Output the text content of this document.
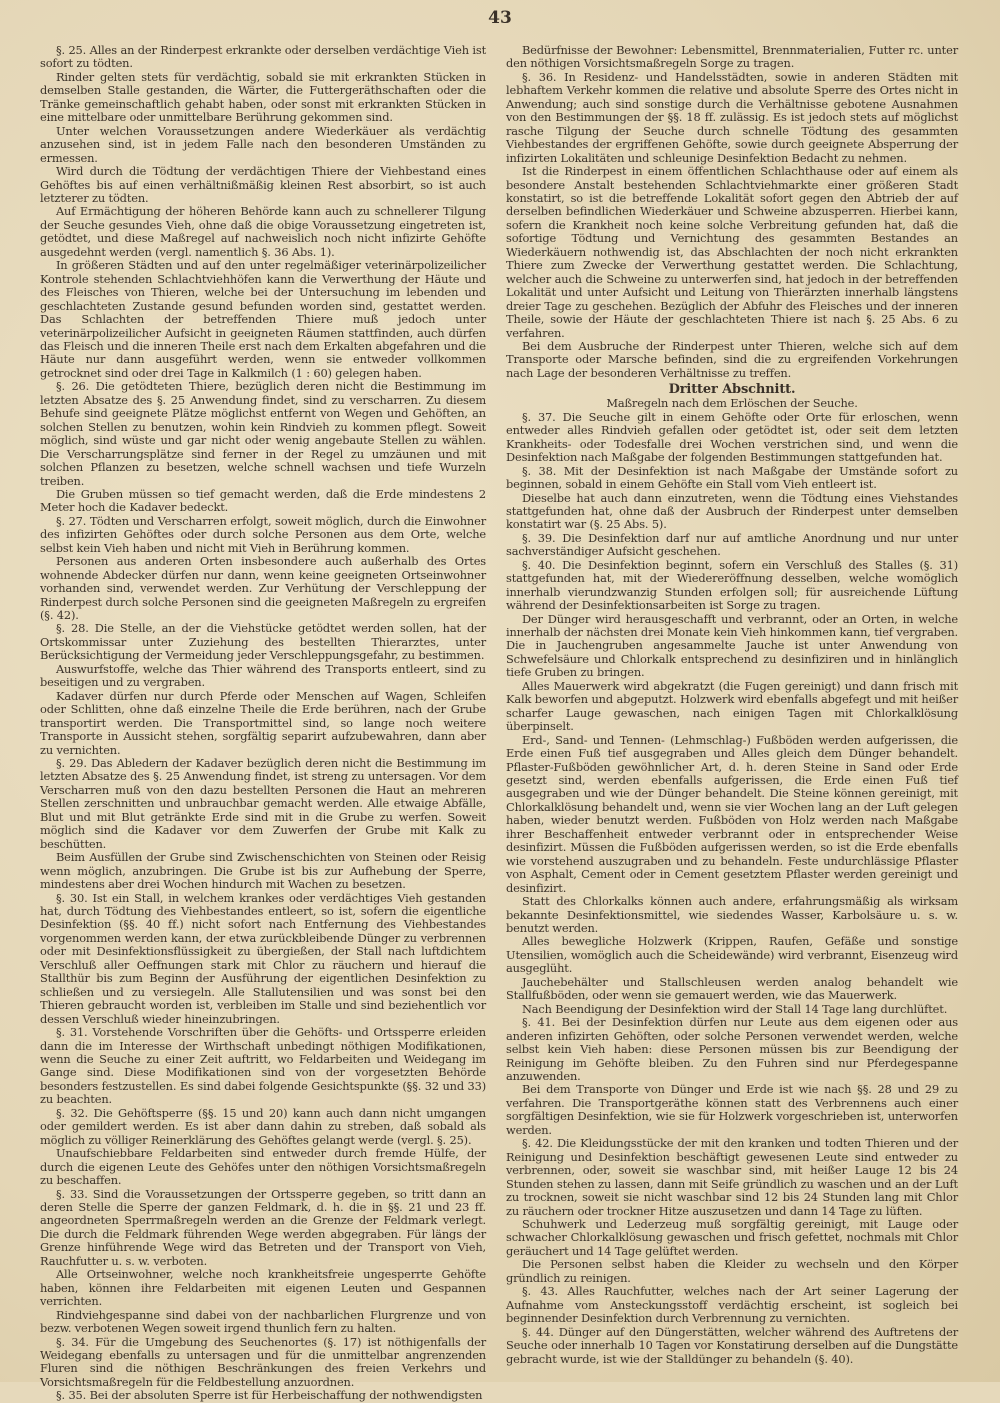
43

§. 25. Alles an der Rinderpest erkrankte oder derselben verdächtige Vieh ist sofort zu tödten.

Rinder gelten stets für verdächtig, sobald sie mit erkrankten Stücken in demselben Stalle gestanden, die Wärter, die Futtergeräthschaften oder die Tränke gemeinschaftlich gehabt haben, oder sonst mit erkrankten Stücken in eine mittelbare oder unmittelbare Berührung gekommen sind.

Unter welchen Voraussetzungen andere Wiederkäuer als verdächtig anzusehen sind, ist in jedem Falle nach den besonderen Umständen zu ermessen.

Wird durch die Tödtung der verdächtigen Thiere der Viehbestand eines Gehöftes bis auf einen verhältnißmäßig kleinen Rest absorbirt, so ist auch letzterer zu tödten.

Auf Ermächtigung der höheren Behörde kann auch zu schnellerer Tilgung der Seuche gesundes Vieh, ohne daß die obige Voraussetzung eingetreten ist, getödtet, und diese Maßregel auf nachweislich noch nicht infizirte Gehöfte ausgedehnt werden (vergl. namentlich §. 36 Abs. 1).

In größeren Städten und auf den unter regelmäßiger veterinärpolizeilicher Kontrole stehenden Schlachtviehhöfen kann die Verwerthung der Häute und des Fleisches von Thieren, welche bei der Untersuchung im lebenden und geschlachteten Zustande gesund befunden worden sind, gestattet werden. Das Schlachten der betreffenden Thiere muß jedoch unter veterinärpolizeilicher Aufsicht in geeigneten Räumen stattfinden, auch dürfen das Fleisch und die inneren Theile erst nach dem Erkalten abgefahren und die Häute nur dann ausgeführt werden, wenn sie entweder vollkommen getrocknet sind oder drei Tage in Kalkmilch (1 : 60) gelegen haben.

§. 26. Die getödteten Thiere, bezüglich deren nicht die Bestimmung im letzten Absatze des §. 25 Anwendung findet, sind zu verscharren. Zu diesem Behufe sind geeignete Plätze möglichst entfernt von Wegen und Gehöften, an solchen Stellen zu benutzen, wohin kein Rindvieh zu kommen pflegt. Soweit möglich, sind wüste und gar nicht oder wenig angebaute Stellen zu wählen. Die Verscharrungsplätze sind ferner in der Regel zu umzäunen und mit solchen Pflanzen zu besetzen, welche schnell wachsen und tiefe Wurzeln treiben.

Die Gruben müssen so tief gemacht werden, daß die Erde mindestens 2 Meter hoch die Kadaver bedeckt.

§. 27. Tödten und Verscharren erfolgt, soweit möglich, durch die Einwohner des infizirten Gehöftes oder durch solche Personen aus dem Orte, welche selbst kein Vieh haben und nicht mit Vieh in Berührung kommen.

Personen aus anderen Orten insbesondere auch außerhalb des Ortes wohnende Abdecker dürfen nur dann, wenn keine geeigneten Ortseinwohner vorhanden sind, verwendet werden. Zur Verhütung der Verschleppung der Rinderpest durch solche Personen sind die geeigneten Maßregeln zu ergreifen (§. 42).

§. 28. Die Stelle, an der die Viehstücke getödtet werden sollen, hat der Ortskommissar unter Zuziehung des bestellten Thierarztes, unter Berücksichtigung der Vermeidung jeder Verschleppungsgefahr, zu bestimmen.

Auswurfstoffe, welche das Thier während des Transports entleert, sind zu beseitigen und zu vergraben.

Kadaver dürfen nur durch Pferde oder Menschen auf Wagen, Schleifen oder Schlitten, ohne daß einzelne Theile die Erde berühren, nach der Grube transportirt werden. Die Transportmittel sind, so lange noch weitere Transporte in Aussicht stehen, sorgfältig separirt aufzubewahren, dann aber zu vernichten.

§. 29. Das Abledern der Kadaver bezüglich deren nicht die Bestimmung im letzten Absatze des §. 25 Anwendung findet, ist streng zu untersagen. Vor dem Verscharren muß von den dazu bestellten Personen die Haut an mehreren Stellen zerschnitten und unbrauchbar gemacht werden. Alle etwaige Abfälle, Blut und mit Blut getränkte Erde sind mit in die Grube zu werfen. Soweit möglich sind die Kadaver vor dem Zuwerfen der Grube mit Kalk zu beschütten.

Beim Ausfüllen der Grube sind Zwischenschichten von Steinen oder Reisig wenn möglich, anzubringen. Die Grube ist bis zur Aufhebung der Sperre, mindestens aber drei Wochen hindurch mit Wachen zu besetzen.

§. 30. Ist ein Stall, in welchem krankes oder verdächtiges Vieh gestanden hat, durch Tödtung des Viehbestandes entleert, so ist, sofern die eigentliche Desinfektion (§§. 40 ff.) nicht sofort nach Entfernung des Viehbestandes vorgenommen werden kann, der etwa zurückbleibende Dünger zu verbrennen oder mit Desinfektionsflüssigkeit zu übergießen, der Stall nach luftdichtem Verschluß aller Oeffnungen stark mit Chlor zu räuchern und hierauf die Stallthür bis zum Beginn der Ausführung der eigentlichen Desinfektion zu schließen und zu versiegeln. Alle Stallutensilien und was sonst bei den Thieren gebraucht worden ist, verbleiben im Stalle und sind beziehentlich vor dessen Verschluß wieder hineinzubringen.

§. 31. Vorstehende Vorschriften über die Gehöfts- und Ortssperre erleiden dann die im Interesse der Wirthschaft unbedingt nöthigen Modifikationen, wenn die Seuche zu einer Zeit auftritt, wo Feldarbeiten und Weidegang im Gange sind. Diese Modifikationen sind von der vorgesetzten Behörde besonders festzustellen. Es sind dabei folgende Gesichtspunkte (§§. 32 und 33) zu beachten.

§. 32. Die Gehöftsperre (§§. 15 und 20) kann auch dann nicht umgangen oder gemildert werden. Es ist aber dann dahin zu streben, daß sobald als möglich zu völliger Reinerklärung des Gehöftes gelangt werde (vergl. §. 25).

Unaufschiebbare Feldarbeiten sind entweder durch fremde Hülfe, der durch die eigenen Leute des Gehöfes unter den nöthigen Vorsichtsmaßregeln zu beschaffen.

§. 33. Sind die Voraussetzungen der Ortssperre gegeben, so tritt dann an deren Stelle die Sperre der ganzen Feldmark, d. h. die in §§. 21 und 23 ff. angeordneten Sperrmaßregeln werden an die Grenze der Feldmark verlegt. Die durch die Feldmark führenden Wege werden abgegraben. Für längs der Grenze hinführende Wege wird das Betreten und der Transport von Vieh, Rauchfutter u. s. w. verboten.

Alle Ortseinwohner, welche noch krankheitsfreie ungesperrte Gehöfte haben, können ihre Feldarbeiten mit eigenen Leuten und Gespannen verrichten.

Rindviehgespanne sind dabei von der nachbarlichen Flurgrenze und von bezw. verbotenen Wegen soweit irgend thunlich fern zu halten.

§. 34. Für die Umgebung des Seuchenortes (§. 17) ist nöthigenfalls der Weidegang ebenfalls zu untersagen und für die unmittelbar angrenzenden Fluren sind die nöthigen Beschränkungen des freien Verkehrs und Vorsichtsmaßregeln für die Feldbestellung anzuordnen.

§. 35. Bei der absoluten Sperre ist für Herbeischaffung der nothwendigsten

Bedürfnisse der Bewohner: Lebensmittel, Brennmaterialien, Futter rc. unter den nöthigen Vorsichtsmaßregeln Sorge zu tragen.

§. 36. In Residenz- und Handelsstädten, sowie in anderen Städten mit lebhaftem Verkehr kommen die relative und absolute Sperre des Ortes nicht in Anwendung; auch sind sonstige durch die Verhältnisse gebotene Ausnahmen von den Bestimmungen der §§. 18 ff. zulässig. Es ist jedoch stets auf möglichst rasche Tilgung der Seuche durch schnelle Tödtung des gesammten Viehbestandes der ergriffenen Gehöfte, sowie durch geeignete Absperrung der infizirten Lokalitäten und schleunige Desinfektion Bedacht zu nehmen.

Ist die Rinderpest in einem öffentlichen Schlachthause oder auf einem als besondere Anstalt bestehenden Schlachtviehmarkte einer größeren Stadt konstatirt, so ist die betreffende Lokalität sofort gegen den Abtrieb der auf derselben befindlichen Wiederkäuer und Schweine abzusperren. Hierbei kann, sofern die Krankheit noch keine solche Verbreitung gefunden hat, daß die sofortige Tödtung und Vernichtung des gesammten Bestandes an Wiederkäuern nothwendig ist, das Abschlachten der noch nicht erkrankten Thiere zum Zwecke der Verwerthung gestattet werden. Die Schlachtung, welcher auch die Schweine zu unterwerfen sind, hat jedoch in der betreffenden Lokalität und unter Aufsicht und Leitung von Thierärzten innerhalb längstens dreier Tage zu geschehen. Bezüglich der Abfuhr des Fleisches und der inneren Theile, sowie der Häute der geschlachteten Thiere ist nach §. 25 Abs. 6 zu verfahren.

Bei dem Ausbruche der Rinderpest unter Thieren, welche sich auf dem Transporte oder Marsche befinden, sind die zu ergreifenden Vorkehrungen nach Lage der besonderen Verhältnisse zu treffen.

Dritter Abschnitt.
Maßregeln nach dem Erlöschen der Seuche.

§. 37. Die Seuche gilt in einem Gehöfte oder Orte für erloschen, wenn entweder alles Rindvieh gefallen oder getödtet ist, oder seit dem letzten Krankheits- oder Todesfalle drei Wochen verstrichen sind, und wenn die Desinfektion nach Maßgabe der folgenden Bestimmungen stattgefunden hat.

§. 38. Mit der Desinfektion ist nach Maßgabe der Umstände sofort zu beginnen, sobald in einem Gehöfte ein Stall vom Vieh entleert ist.

Dieselbe hat auch dann einzutreten, wenn die Tödtung eines Viehstandes stattgefunden hat, ohne daß der Ausbruch der Rinderpest unter demselben konstatirt war (§. 25 Abs. 5).

§. 39. Die Desinfektion darf nur auf amtliche Anordnung und nur unter sachverständiger Aufsicht geschehen.

§. 40. Die Desinfektion beginnt, sofern ein Verschluß des Stalles (§. 31) stattgefunden hat, mit der Wiedereröffnung desselben, welche womöglich innerhalb vierundzwanzig Stunden erfolgen soll; für ausreichende Lüftung während der Desinfektionsarbeiten ist Sorge zu tragen.

Der Dünger wird herausgeschafft und verbrannt, oder an Orten, in welche innerhalb der nächsten drei Monate kein Vieh hinkommen kann, tief vergraben. Die in Jauchengruben angesammelte Jauche ist unter Anwendung von Schwefelsäure und Chlorkalk entsprechend zu desinfiziren und in hinlänglich tiefe Gruben zu bringen.

Alles Mauerwerk wird abgekratzt (die Fugen gereinigt) und dann frisch mit Kalk beworfen und abgeputzt. Holzwerk wird ebenfalls abgefegt und mit heißer scharfer Lauge gewaschen, nach einigen Tagen mit Chlorkalklösung überpinselt.

Erd-, Sand- und Tennen- (Lehmschlag-) Fußböden werden aufgerissen, die Erde einen Fuß tief ausgegraben und Alles gleich dem Dünger behandelt. Pflaster-Fußböden gewöhnlicher Art, d. h. deren Steine in Sand oder Erde gesetzt sind, werden ebenfalls aufgerissen, die Erde einen Fuß tief ausgegraben und wie der Dünger behandelt. Die Steine können gereinigt, mit Chlorkalklösung behandelt und, wenn sie vier Wochen lang an der Luft gelegen haben, wieder benutzt werden. Fußböden von Holz werden nach Maßgabe ihrer Beschaffenheit entweder verbrannt oder in entsprechender Weise desinfizirt. Müssen die Fußböden aufgerissen werden, so ist die Erde ebenfalls wie vorstehend auszugraben und zu behandeln. Feste undurchlässige Pflaster von Asphalt, Cement oder in Cement gesetztem Pflaster werden gereinigt und desinfizirt.

Statt des Chlorkalks können auch andere, erfahrungsmäßig als wirksam bekannte Desinfektionsmittel, wie siedendes Wasser, Karbolsäure u. s. w. benutzt werden.

Alles bewegliche Holzwerk (Krippen, Raufen, Gefäße und sonstige Utensilien, womöglich auch die Scheidewände) wird verbrannt, Eisenzeug wird ausgeglüht.

Jauchebehälter und Stallschleusen werden analog behandelt wie Stallfußböden, oder wenn sie gemauert werden, wie das Mauerwerk.

Nach Beendigung der Desinfektion wird der Stall 14 Tage lang durchlüftet.

§. 41. Bei der Desinfektion dürfen nur Leute aus dem eigenen oder aus anderen infizirten Gehöften, oder solche Personen verwendet werden, welche selbst kein Vieh haben: diese Personen müssen bis zur Beendigung der Reinigung im Gehöfte bleiben. Zu den Fuhren sind nur Pferdegespanne anzuwenden.

Bei dem Transporte von Dünger und Erde ist wie nach §§. 28 und 29 zu verfahren. Die Transportgeräthe können statt des Verbrennens auch einer sorgfältigen Desinfektion, wie sie für Holzwerk vorgeschrieben ist, unterworfen werden.

§. 42. Die Kleidungsstücke der mit den kranken und todten Thieren und der Reinigung und Desinfektion beschäftigt gewesenen Leute sind entweder zu verbrennen, oder, soweit sie waschbar sind, mit heißer Lauge 12 bis 24 Stunden stehen zu lassen, dann mit Seife gründlich zu waschen und an der Luft zu trocknen, soweit sie nicht waschbar sind 12 bis 24 Stunden lang mit Chlor zu räuchern oder trockner Hitze auszusetzen und dann 14 Tage zu lüften.

Schuhwerk und Lederzeug muß sorgfältig gereinigt, mit Lauge oder schwacher Chlorkalklösung gewaschen und frisch gefettet, nochmals mit Chlor geräuchert und 14 Tage gelüftet werden.

Die Personen selbst haben die Kleider zu wechseln und den Körper gründlich zu reinigen.

§. 43. Alles Rauchfutter, welches nach der Art seiner Lagerung der Aufnahme vom Ansteckungsstoff verdächtig erscheint, ist sogleich bei beginnender Desinfektion durch Verbrennung zu vernichten.

§. 44. Dünger auf den Düngerstätten, welcher während des Auftretens der Seuche oder innerhalb 10 Tagen vor Konstatirung derselben auf die Dungstätte gebracht wurde, ist wie der Stalldünger zu behandeln (§. 40).
